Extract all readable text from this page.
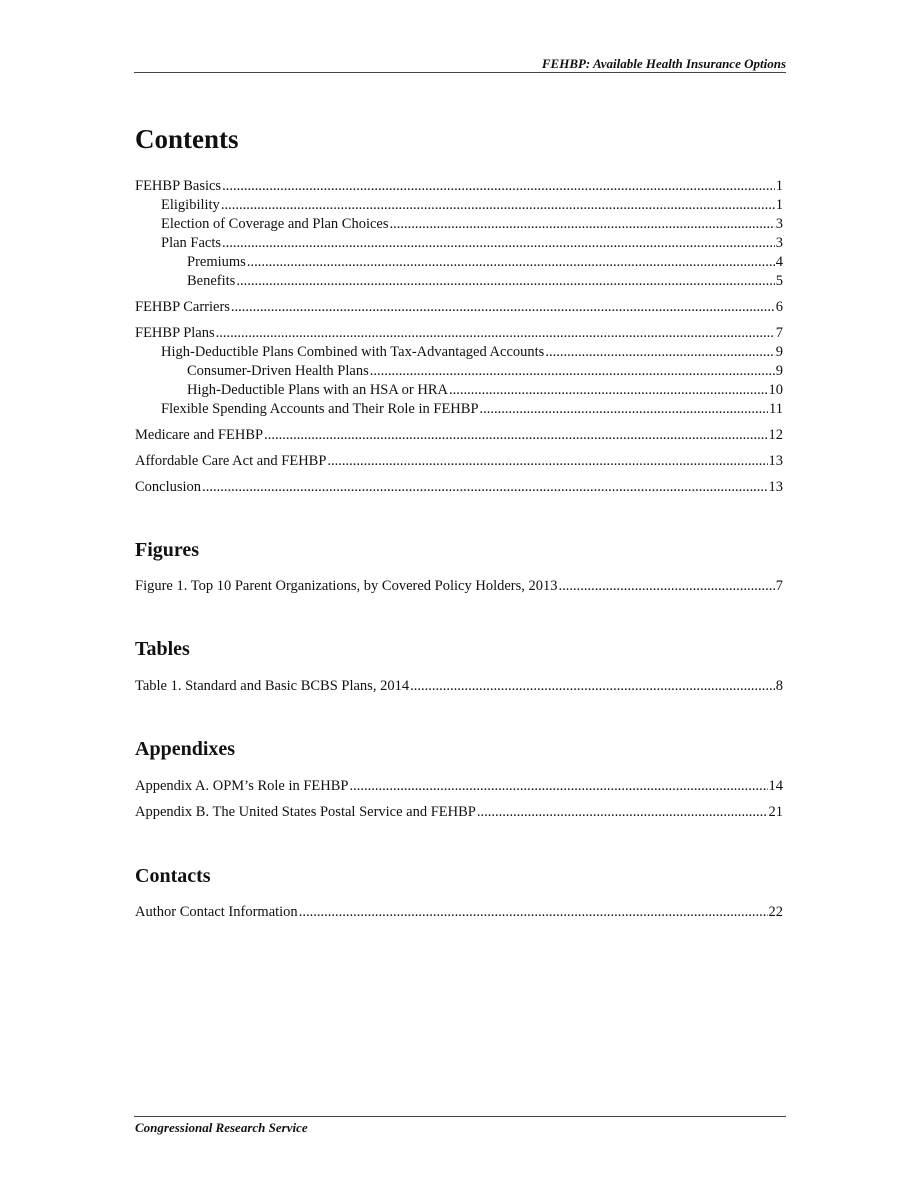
FEHBP: Available Health Insurance Options
Contents
FEHBP Basics .....	1
Eligibility .....	1
Election of Coverage and Plan Choices .....	3
Plan Facts .....	3
Premiums .....	4
Benefits .....	5
FEHBP Carriers .....	6
FEHBP Plans .....	7
High-Deductible Plans Combined with Tax-Advantaged Accounts .....	9
Consumer-Driven Health Plans .....	9
High-Deductible Plans with an HSA or HRA .....	10
Flexible Spending Accounts and Their Role in FEHBP .....	11
Medicare and FEHBP .....	12
Affordable Care Act and FEHBP .....	13
Conclusion .....	13
Figures
Figure 1. Top 10 Parent Organizations, by Covered Policy Holders, 2013 .....	7
Tables
Table 1. Standard and Basic BCBS Plans, 2014 .....	8
Appendixes
Appendix A. OPM’s Role in FEHBP .....	14
Appendix B. The United States Postal Service and FEHBP .....	21
Contacts
Author Contact Information .....	22
Congressional Research Service
